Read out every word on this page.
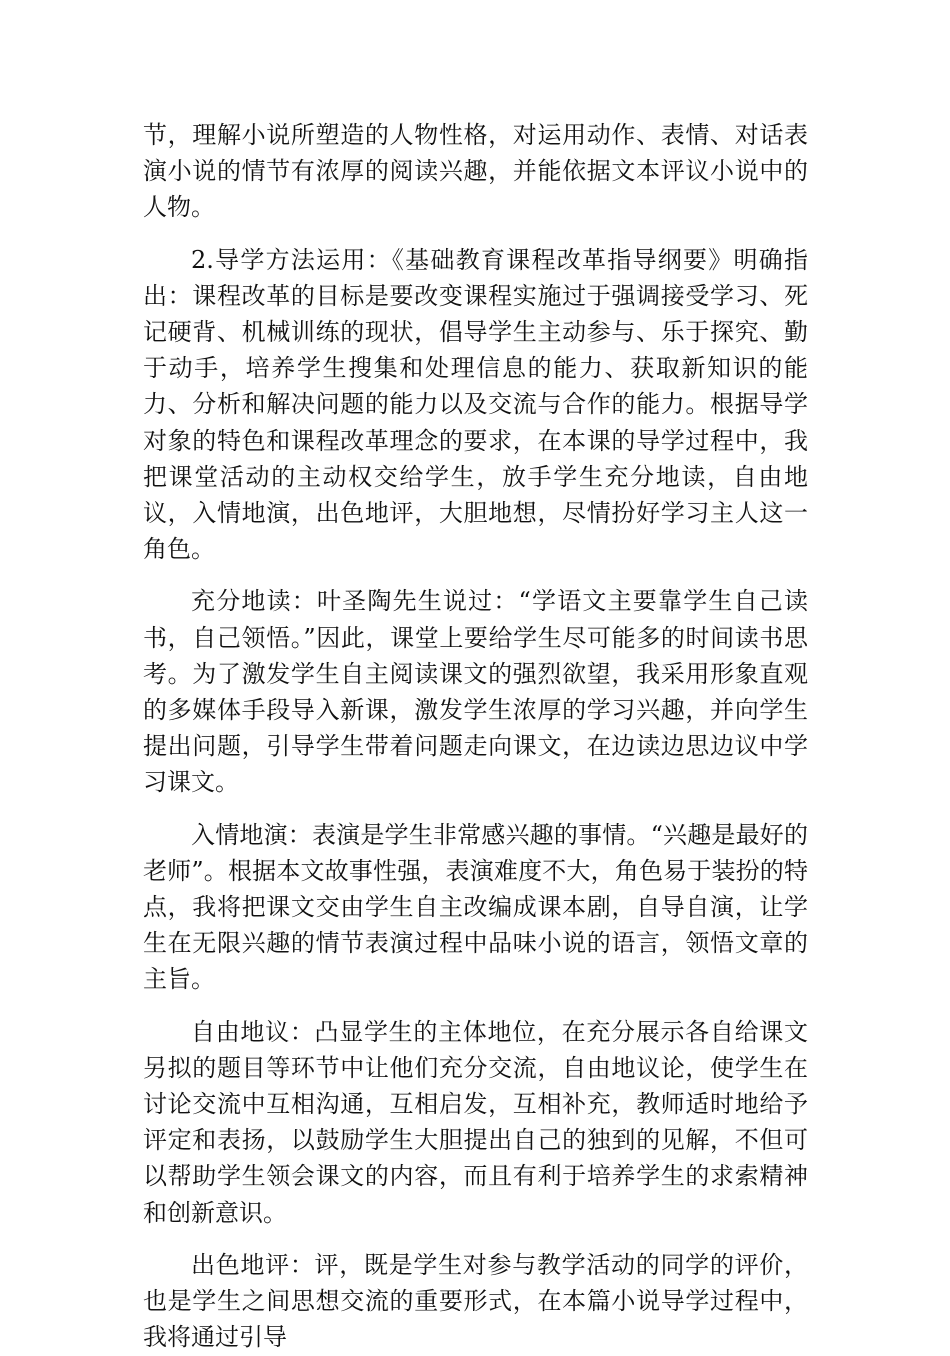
节，理解小说所塑造的人物性格，对运用动作、表情、对话表演小说的情节有浓厚的阅读兴趣，并能依据文本评议小说中的人物。

2.导学方法运用：《基础教育课程改革指导纲要》明确指出：课程改革的目标是要改变课程实施过于强调接受学习、死记硬背、机械训练的现状，倡导学生主动参与、乐于探究、勤于动手，培养学生搜集和处理信息的能力、获取新知识的能力、分析和解决问题的能力以及交流与合作的能力。根据导学对象的特色和课程改革理念的要求，在本课的导学过程中，我把课堂活动的主动权交给学生，放手学生充分地读，自由地议，入情地演，出色地评，大胆地想，尽情扮好学习主人这一角色。

充分地读：叶圣陶先生说过：“学语文主要靠学生自己读书，自己领悟。”因此，课堂上要给学生尽可能多的时间读书思考。为了激发学生自主阅读课文的强烈欲望，我采用形象直观的多媒体手段导入新课，激发学生浓厚的学习兴趣，并向学生提出问题，引导学生带着问题走向课文，在边读边思边议中学习课文。

入情地演：表演是学生非常感兴趣的事情。“兴趣是最好的老师”。根据本文故事性强，表演难度不大，角色易于装扮的特点，我将把课文交由学生自主改编成课本剧，自导自演，让学生在无限兴趣的情节表演过程中品味小说的语言，领悟文章的主旨。

自由地议：凸显学生的主体地位，在充分展示各自给课文另拟的题目等环节中让他们充分交流，自由地议论，使学生在讨论交流中互相沟通，互相启发，互相补充，教师适时地给予评定和表扬，以鼓励学生大胆提出自己的独到的见解，不但可以帮助学生领会课文的内容，而且有利于培养学生的求索精神和创新意识。

出色地评：评，既是学生对参与教学活动的同学的评价，也是学生之间思想交流的重要形式，在本篇小说导学过程中，我将通过引导
